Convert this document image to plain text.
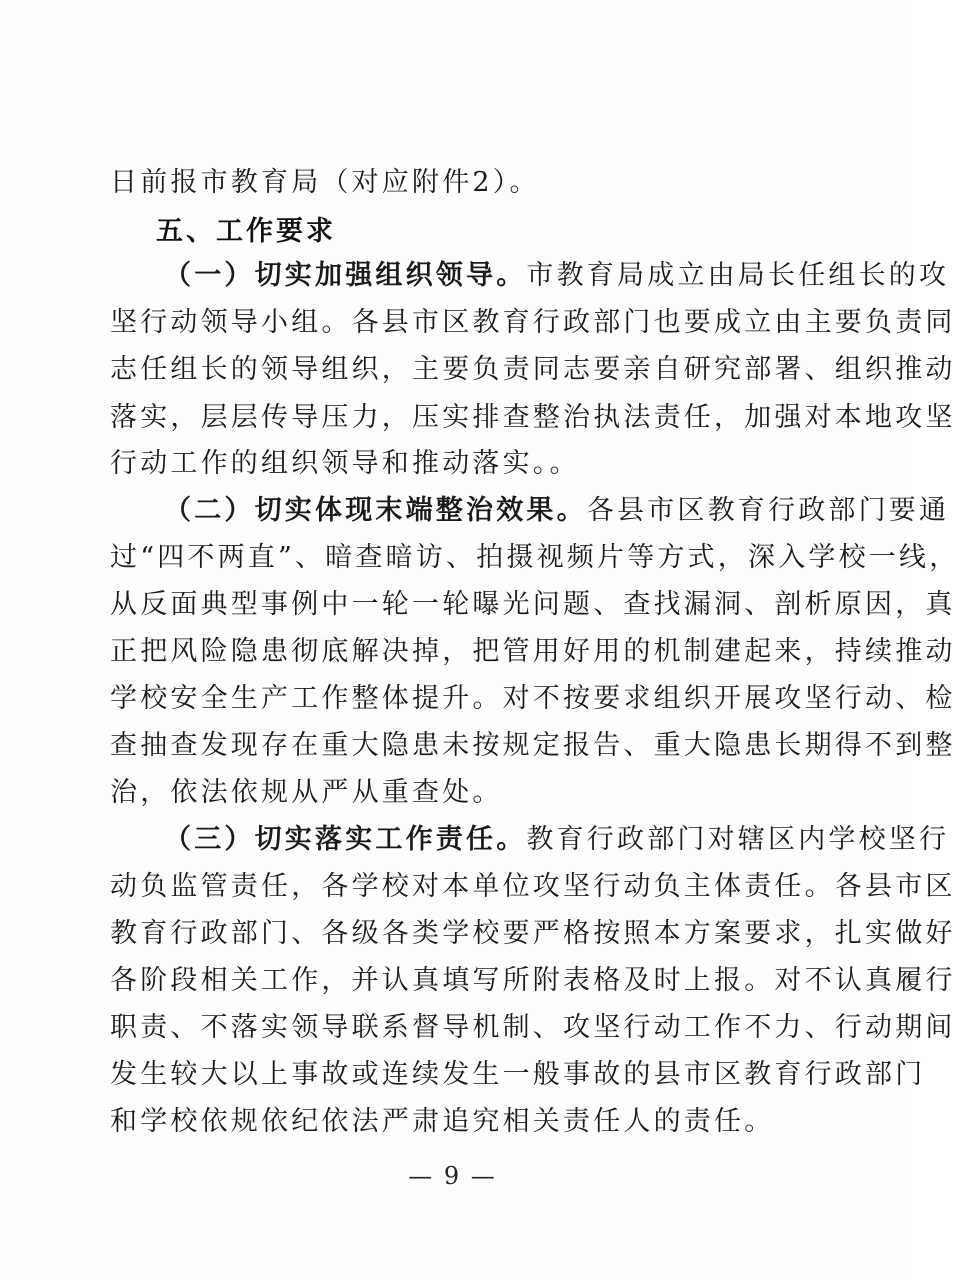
日前报市教育局（对应附件2）。
五、工作要求
（一）切实加强组织领导。市教育局成立由局长任组长的攻
坚行动领导小组。各县市区教育行政部门也要成立由主要负责同
志任组长的领导组织，主要负责同志要亲自研究部署、组织推动
落实，层层传导压力，压实排查整治执法责任，加强对本地攻坚
行动工作的组织领导和推动落实。。
（二）切实体现末端整治效果。各县市区教育行政部门要通
过“四不两直”、暗查暗访、拍摄视频片等方式，深入学校一线，
从反面典型事例中一轮一轮曝光问题、查找漏洞、剖析原因，真
正把风险隐患彻底解决掉，把管用好用的机制建起来，持续推动
学校安全生产工作整体提升。对不按要求组织开展攻坚行动、检
查抽查发现存在重大隐患未按规定报告、重大隐患长期得不到整
治，依法依规从严从重查处。
（三）切实落实工作责任。教育行政部门对辖区内学校坚行
动负监管责任，各学校对本单位攻坚行动负主体责任。各县市区
教育行政部门、各级各类学校要严格按照本方案要求，扎实做好
各阶段相关工作，并认真填写所附表格及时上报。对不认真履行
职责、不落实领导联系督导机制、攻坚行动工作不力、行动期间
发生较大以上事故或连续发生一般事故的县市区教育行政部门
和学校依规依纪依法严肃追究相关责任人的责任。
— 9 —
